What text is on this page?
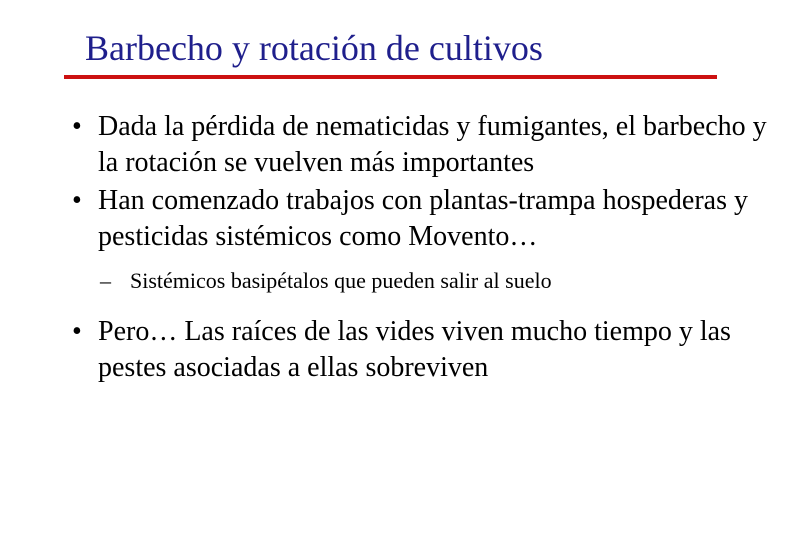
Barbecho y rotación de cultivos
• Dada la pérdida de nematicidas y fumigantes, el barbecho y la rotación se vuelven más importantes
• Han comenzado trabajos con plantas-trampa hospederas y pesticidas sistémicos como Movento…
– Sistémicos basipétalos que pueden salir al suelo
• Pero… Las raíces de las vides viven mucho tiempo y las pestes asociadas a ellas sobreviven
